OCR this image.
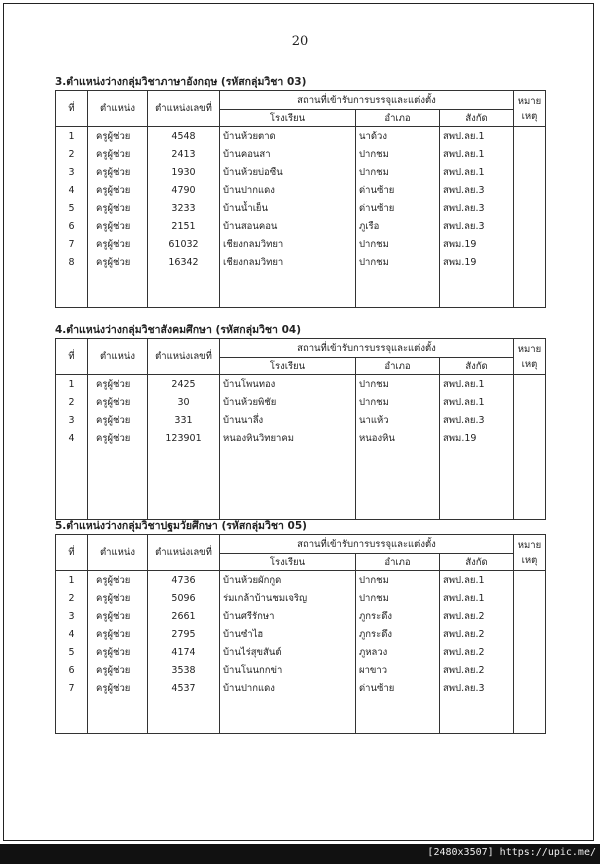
20
3.ตำแหน่งว่างกลุ่มวิชาภาษาอังกฤษ (รหัสกลุ่มวิชา 03)
ที่	ตำแหน่ง	ตำแหน่งเลขที่	สถานที่เข้ารับการบรรจุและแต่งตั้ง			หมาย
เหตุ
			โรงเรียน	อำเภอ	สังกัด	
1	ครูผู้ช่วย	4548	บ้านห้วยตาด	นาด้วง	สพป.ลย.1	
2	ครูผู้ช่วย	2413	บ้านคอนสา	ปากชม	สพป.ลย.1	
3	ครูผู้ช่วย	1930	บ้านห้วยบ่อซืน	ปากชม	สพป.ลย.1	
4	ครูผู้ช่วย	4790	บ้านปากแดง	ด่านซ้าย	สพป.ลย.3	
5	ครูผู้ช่วย	3233	บ้านน้ำเย็น	ด่านซ้าย	สพป.ลย.3	
6	ครูผู้ช่วย	2151	บ้านสอนคอน	ภูเรือ	สพป.ลย.3	
7	ครูผู้ช่วย	61032	เชียงกลมวิทยา	ปากชม	สพม.19	
8	ครูผู้ช่วย	16342	เชียงกลมวิทยา	ปากชม	สพม.19	

4.ตำแหน่งว่างกลุ่มวิชาสังคมศึกษา (รหัสกลุ่มวิชา 04)
ที่	ตำแหน่ง	ตำแหน่งเลขที่	สถานที่เข้ารับการบรรจุและแต่งตั้ง			หมาย
เหตุ
			โรงเรียน	อำเภอ	สังกัด	
1	ครูผู้ช่วย	2425	บ้านโพนทอง	ปากชม	สพป.ลย.1	
2	ครูผู้ช่วย	30	บ้านห้วยพิชัย	ปากชม	สพป.ลย.1	
3	ครูผู้ช่วย	331	บ้านนาลึ่ง	นาแห้ว	สพป.ลย.3	
4	ครูผู้ช่วย	123901	หนองหินวิทยาคม	หนองหิน	สพม.19	

5.ตำแหน่งว่างกลุ่มวิชาปฐมวัยศึกษา (รหัสกลุ่มวิชา 05)
ที่	ตำแหน่ง	ตำแหน่งเลขที่	สถานที่เข้ารับการบรรจุและแต่งตั้ง			หมาย
เหตุ
			โรงเรียน	อำเภอ	สังกัด	
1	ครูผู้ช่วย	4736	บ้านห้วยผักกูด	ปากชม	สพป.ลย.1	
2	ครูผู้ช่วย	5096	ร่มเกล้าบ้านชมเจริญ	ปากชม	สพป.ลย.1	
3	ครูผู้ช่วย	2661	บ้านศรีรักษา	ภูกระดึง	สพป.ลย.2	
4	ครูผู้ช่วย	2795	บ้านซำไฮ	ภูกระดึง	สพป.ลย.2	
5	ครูผู้ช่วย	4174	บ้านไร่สุขสันต์	ภูหลวง	สพป.ลย.2	
6	ครูผู้ช่วย	3538	บ้านโนนกกข่า	ผาขาว	สพป.ลย.2	
7	ครูผู้ช่วย	4537	บ้านปากแดง	ด่านซ้าย	สพป.ลย.3	

[2480x3507] https://upic.me/
